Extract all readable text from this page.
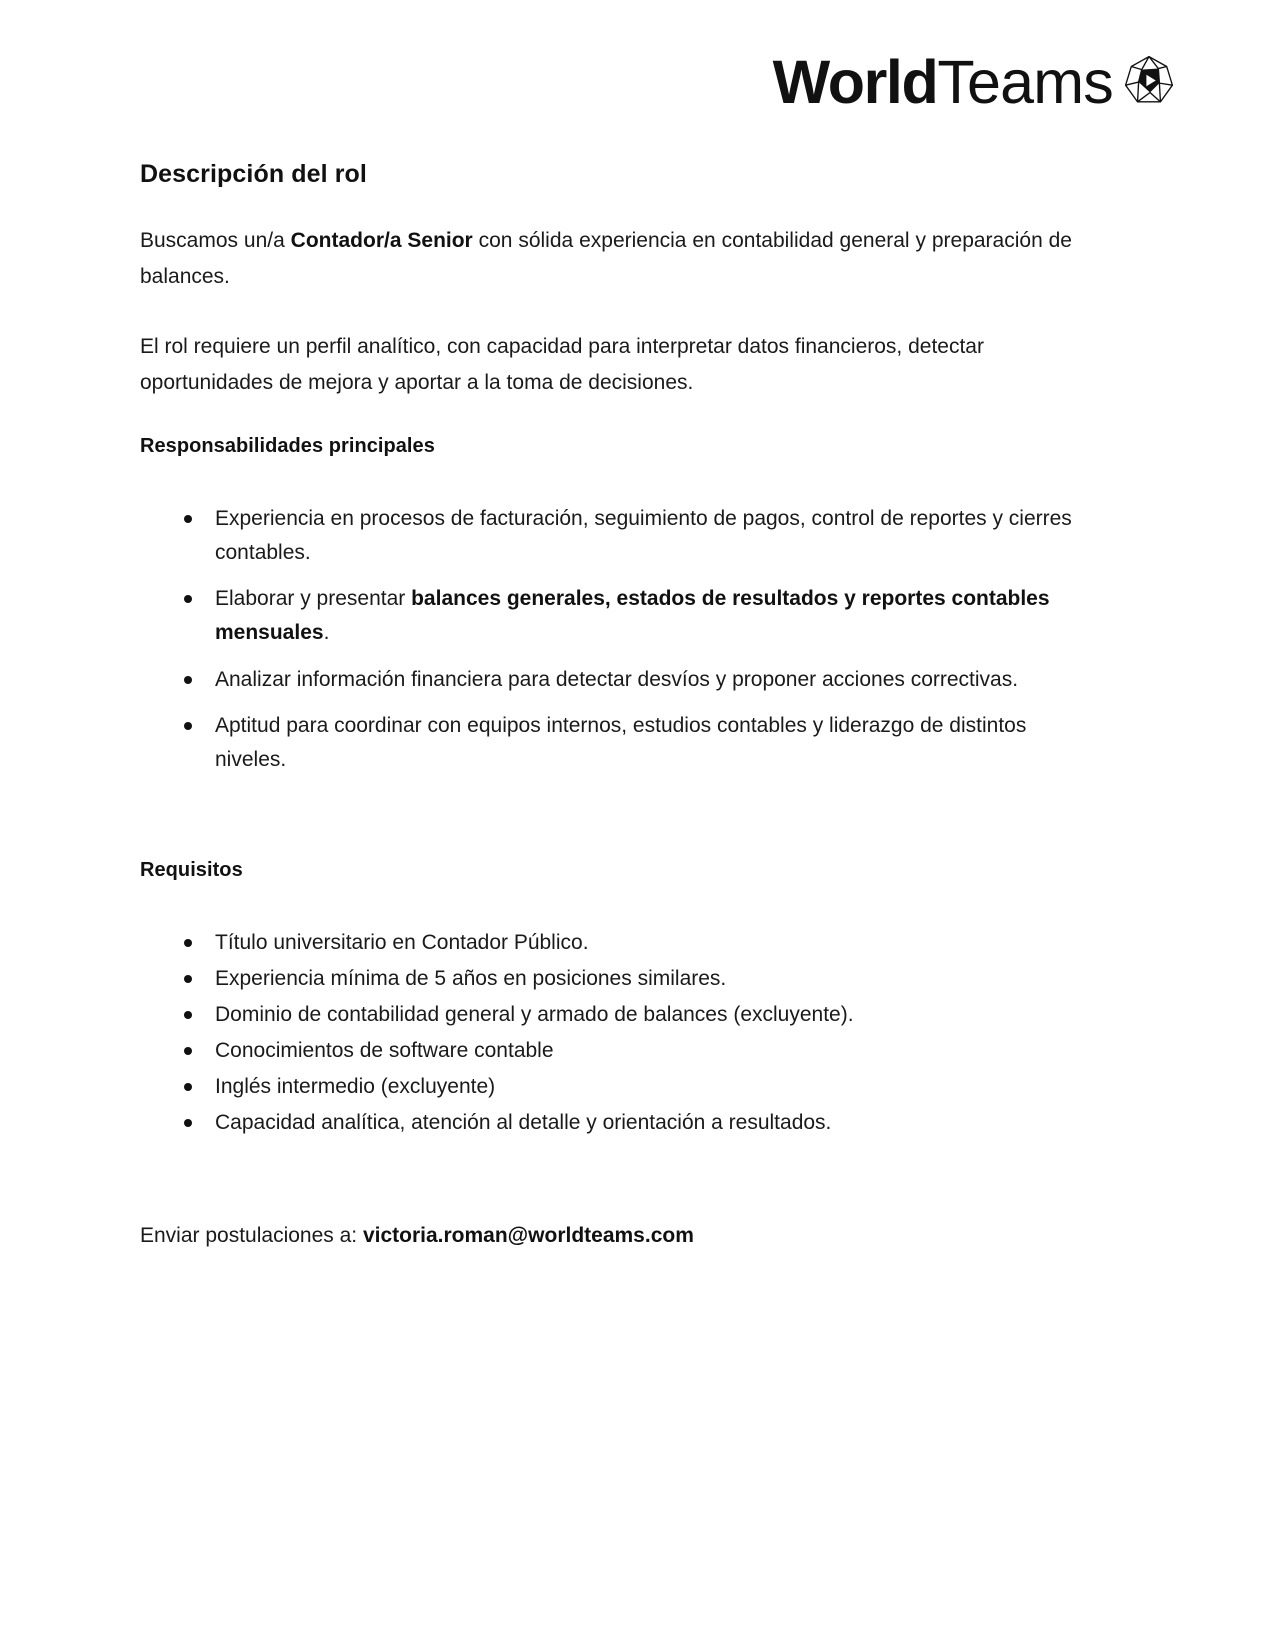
WorldTeams
Descripción del rol

Buscamos un/a Contador/a Senior con sólida experiencia en contabilidad general y preparación de balances.

El rol requiere un perfil analítico, con capacidad para interpretar datos financieros, detectar oportunidades de mejora y aportar a la toma de decisiones.

Responsabilidades principales
Experiencia en procesos de facturación, seguimiento de pagos, control de reportes y cierres contables.
Elaborar y presentar balances generales, estados de resultados y reportes contables mensuales.
Analizar información financiera para detectar desvíos y proponer acciones correctivas.
Aptitud para coordinar con equipos internos, estudios contables y liderazgo de distintos niveles.
Requisitos
Título universitario en Contador Público.
Experiencia mínima de 5 años en posiciones similares.
Dominio de contabilidad general y armado de balances (excluyente).
Conocimientos de software contable
Inglés intermedio (excluyente)
Capacidad analítica, atención al detalle y orientación a resultados.

Enviar postulaciones a: victoria.roman@worldteams.com
